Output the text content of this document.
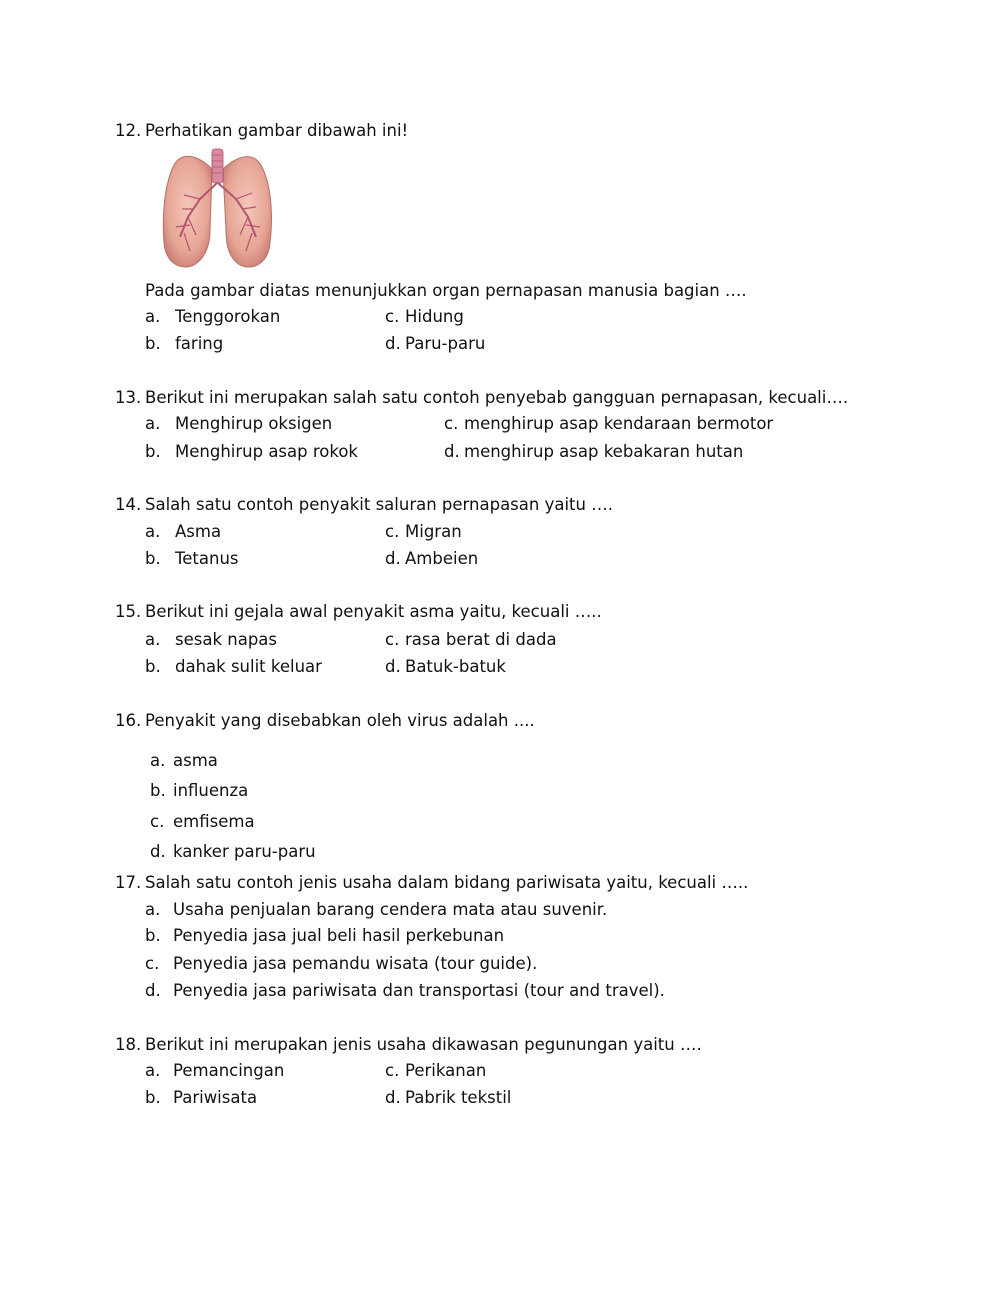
12. Perhatikan gambar dibawah ini!
Pada gambar diatas menunjukkan organ pernapasan manusia bagian ….
a. Tenggorokan
b. faring
c. Hidung
d. Paru-paru
13. Berikut ini merupakan salah satu contoh penyebab gangguan pernapasan, kecuali….
a. Menghirup oksigen
b. Menghirup asap rokok
c. menghirup asap kendaraan bermotor
d. menghirup asap kebakaran hutan
14. Salah satu contoh penyakit saluran pernapasan yaitu ….
a. Asma
b. Tetanus
c. Migran
d. Ambeien
15. Berikut ini gejala awal penyakit asma yaitu, kecuali …..
a. sesak napas
b. dahak sulit keluar
c. rasa berat di dada
d. Batuk-batuk
16. Penyakit yang disebabkan oleh virus adalah ....
a. asma
b. influenza
c. emfisema
d. kanker paru-paru
17. Salah satu contoh jenis usaha dalam bidang pariwisata yaitu, kecuali …..
a. Usaha penjualan barang cendera mata atau suvenir.
b. Penyedia jasa jual beli hasil perkebunan
c. Penyedia jasa pemandu wisata (tour guide).
d. Penyedia jasa pariwisata dan transportasi (tour and travel).
18. Berikut ini merupakan jenis usaha dikawasan pegunungan yaitu ….
a. Pemancingan
b. Pariwisata
c. Perikanan
d. Pabrik tekstil
